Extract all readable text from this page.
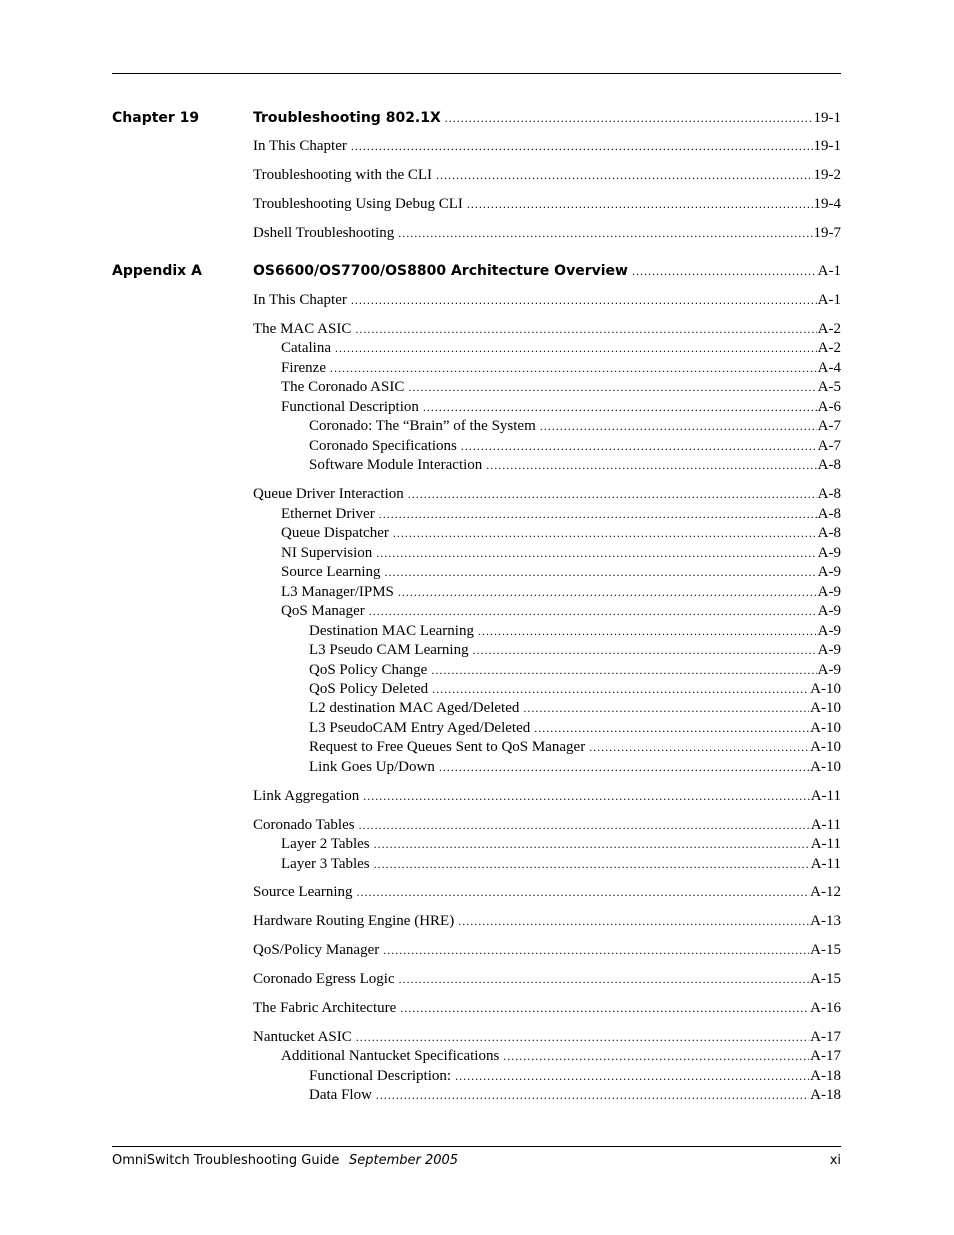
Chapter 19	Troubleshooting 802.1X .....	19-1
In This Chapter .....	19-1
Troubleshooting with the CLI .....	19-2
Troubleshooting Using Debug CLI .....	19-4
Dshell Troubleshooting .....	19-7
Appendix A	OS6600/OS7700/OS8800 Architecture Overview .....	A-1
In This Chapter .....	A-1
The MAC ASIC .....	A-2
Catalina .....	A-2
Firenze .....	A-4
The Coronado ASIC .....	A-5
Functional Description .....	A-6
Coronado: The “Brain” of the System .....	A-7
Coronado Specifications .....	A-7
Software Module Interaction .....	A-8
Queue Driver Interaction .....	A-8
Ethernet Driver .....	A-8
Queue Dispatcher .....	A-8
NI Supervision .....	A-9
Source Learning .....	A-9
L3 Manager/IPMS .....	A-9
QoS Manager .....	A-9
Destination MAC Learning .....	A-9
L3 Pseudo CAM Learning .....	A-9
QoS Policy Change .....	A-9
QoS Policy Deleted .....	A-10
L2 destination MAC Aged/Deleted .....	A-10
L3 PseudoCAM Entry Aged/Deleted .....	A-10
Request to Free Queues Sent to QoS Manager .....	A-10
Link Goes Up/Down .....	A-10
Link Aggregation .....	A-11
Coronado Tables .....	A-11
Layer 2 Tables .....	A-11
Layer 3 Tables .....	A-11
Source Learning .....	A-12
Hardware Routing Engine (HRE) .....	A-13
QoS/Policy Manager .....	A-15
Coronado Egress Logic .....	A-15
The Fabric Architecture .....	A-16
Nantucket ASIC .....	A-17
Additional Nantucket Specifications .....	A-17
Functional Description: .....	A-18
Data Flow .....	A-18
OmniSwitch Troubleshooting Guide September 2005	xi
